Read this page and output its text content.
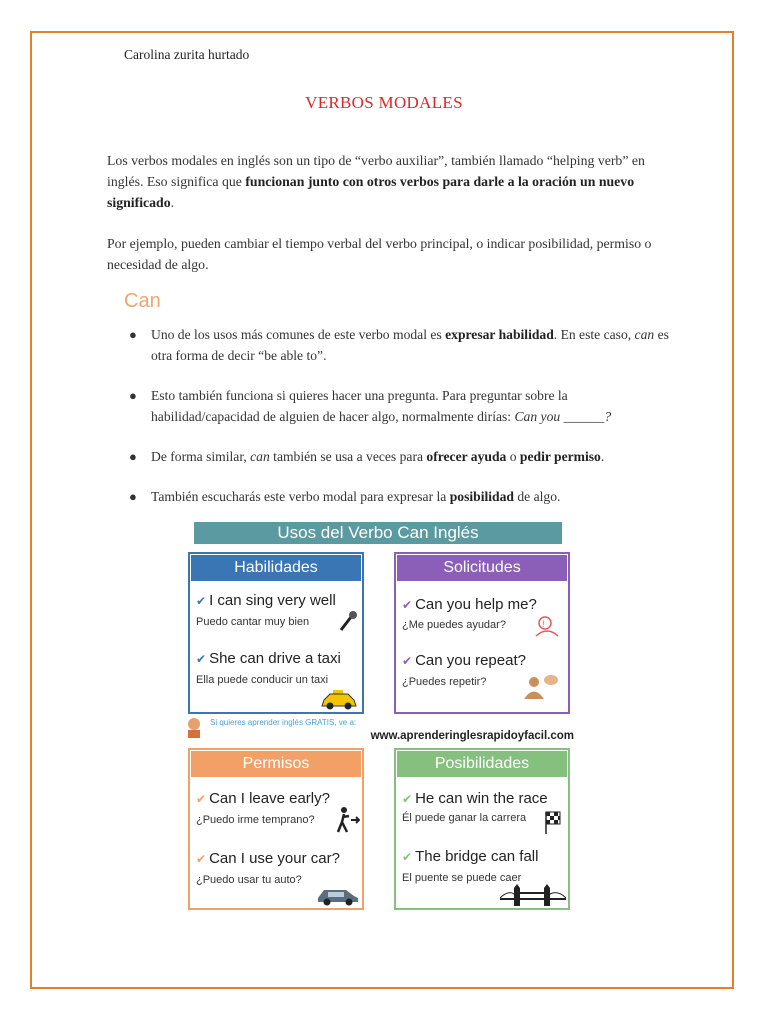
Carolina zurita hurtado
VERBOS MODALES
Los verbos modales en inglés son un tipo de “verbo auxiliar”, también llamado “helping verb” en inglés. Eso significa que funcionan junto con otros verbos para darle a la oración un nuevo significado.
Por ejemplo, pueden cambiar el tiempo verbal del verbo principal, o indicar posibilidad, permiso o necesidad de algo.
Can
● Uno de los usos más comunes de este verbo modal es expresar habilidad. En este caso, can es otra forma de decir “be able to”.
● Esto también funciona si quieres hacer una pregunta. Para preguntar sobre la habilidad/capacidad de alguien de hacer algo, normalmente dirías: Can you ______?
● De forma similar, can también se usa a veces para ofrecer ayuda o pedir permiso.
● También escucharás este verbo modal para expresar la posibilidad de algo.
Usos del Verbo Can Inglés
Habilidades
✔ I can sing very well
Puedo cantar muy bien
✔ She can drive a taxi
Ella puede conducir un taxi
Solicitudes
✔ Can you help me?
¿Me puedes ayudar?	!
✔ Can you repeat?
¿Puedes repetir?
Si quieres aprender inglés GRATIS, ve a:
www.aprenderinglesrapidoyfacil.com
Permisos
✔ Can I leave early?
¿Puedo irme temprano?
✔ Can I use your car?
¿Puedo usar tu auto?
Posibilidades
✔ He can win the race
Él puede ganar la carrera
✔ The bridge can fall
El puente se puede caer
